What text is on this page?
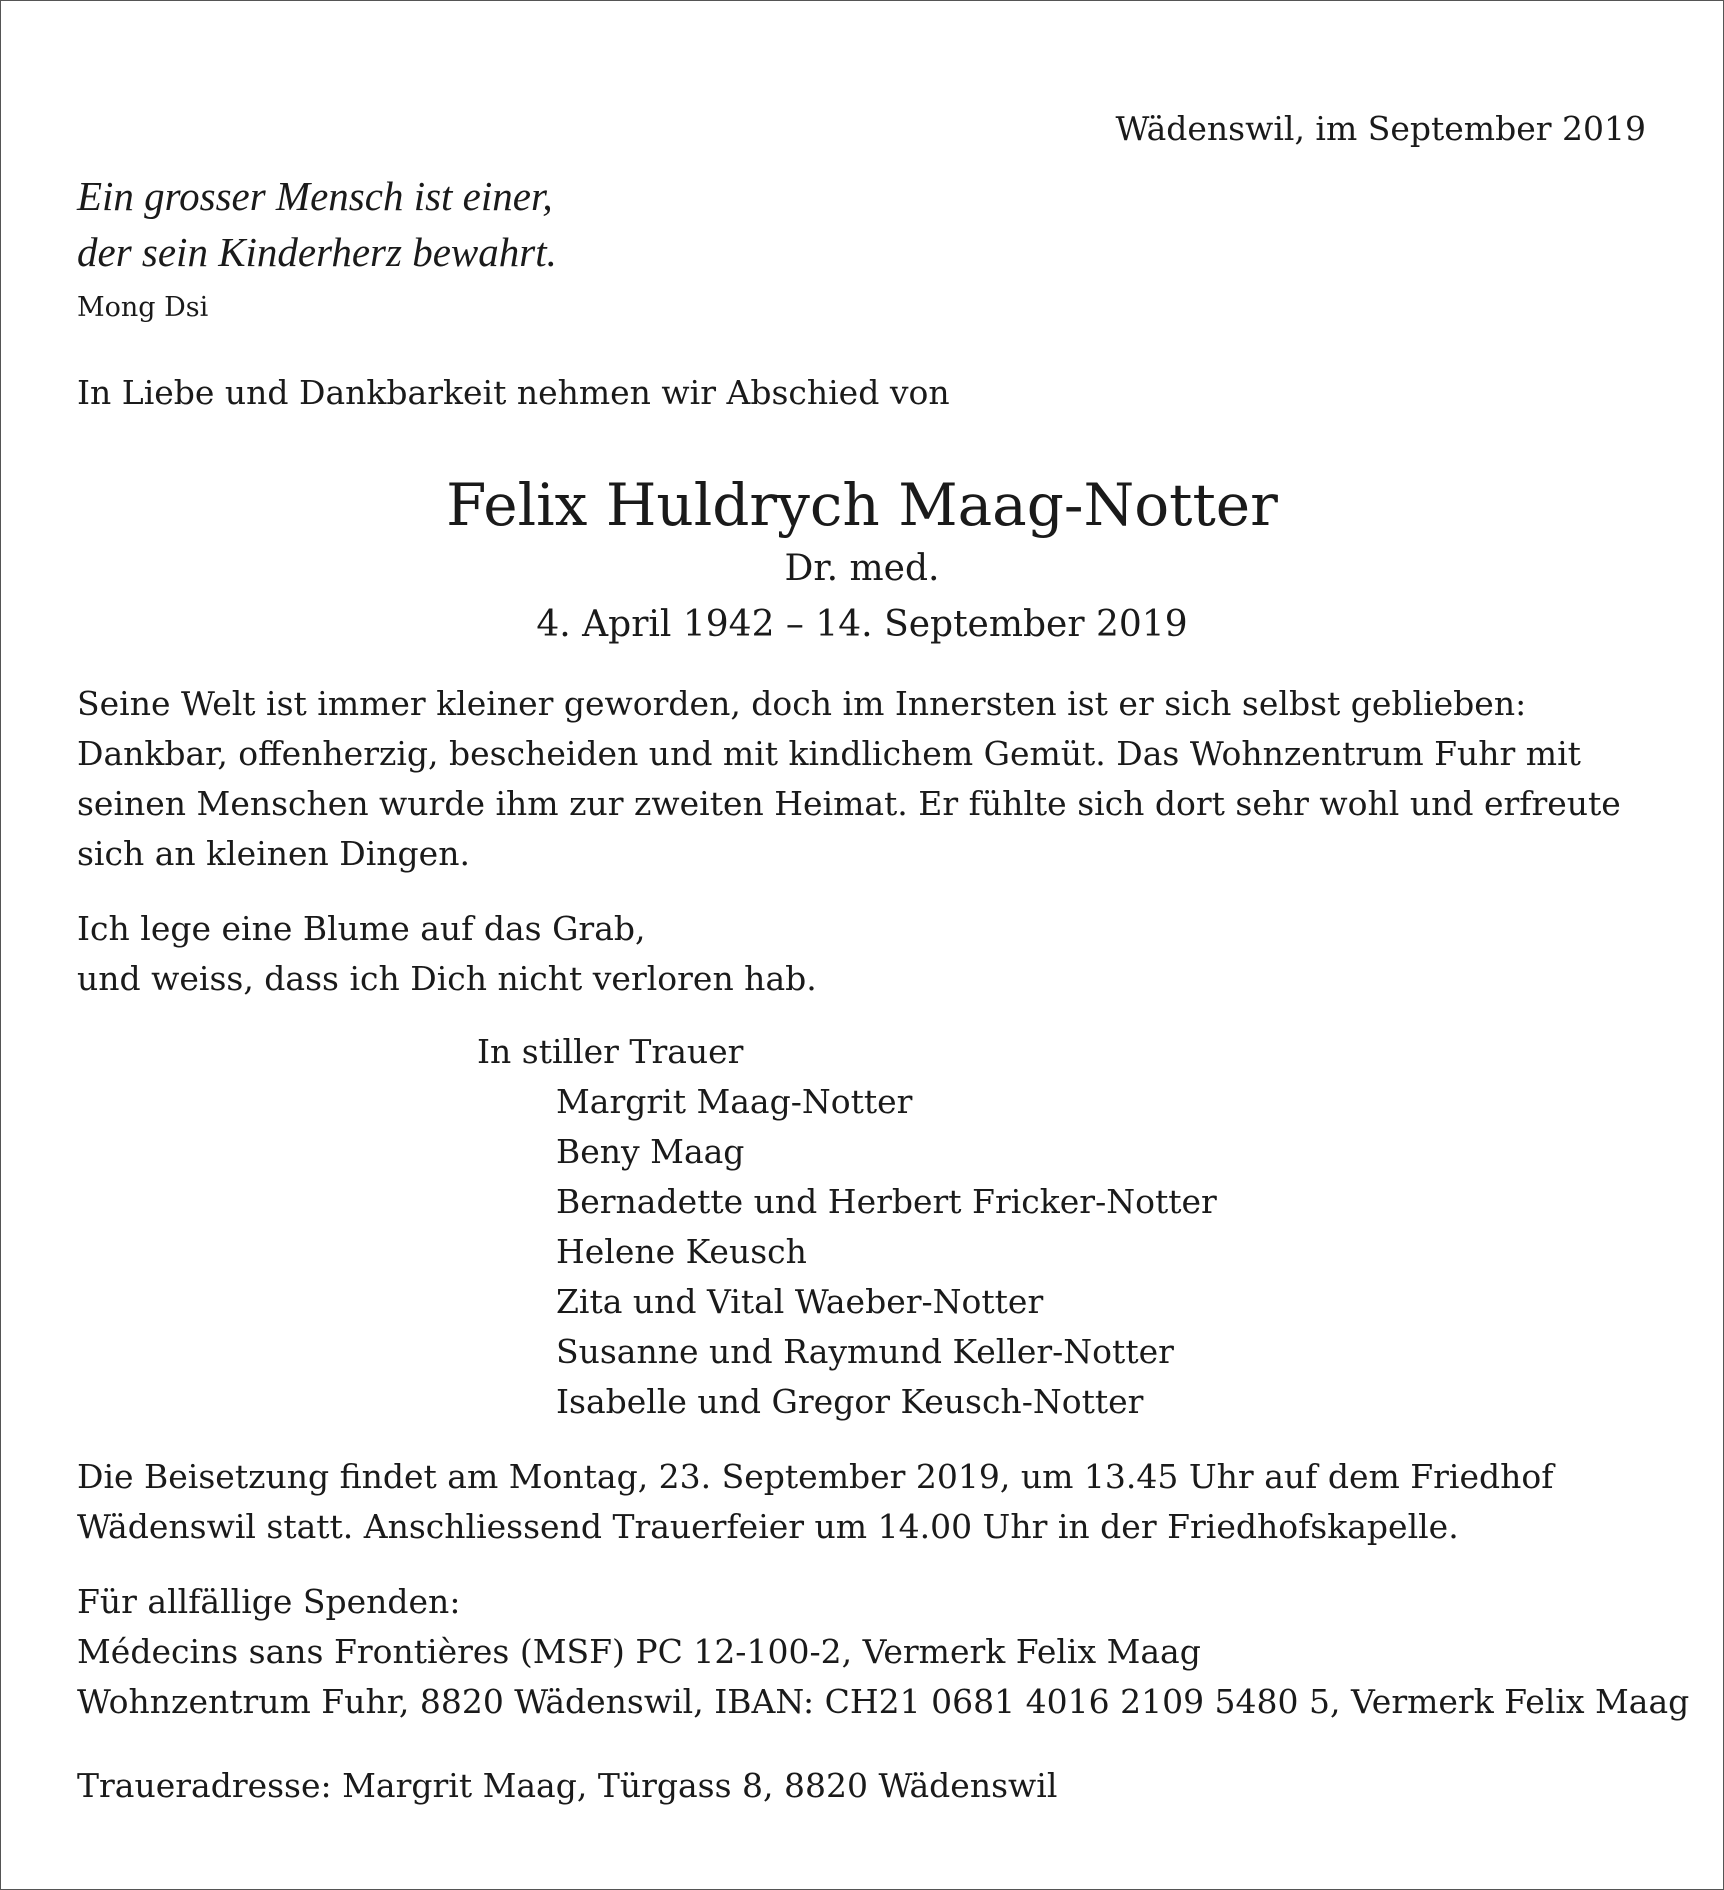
Wädenswil, im September 2019
Ein grosser Mensch ist einer,
der sein Kinderherz bewahrt.
Mong Dsi
In Liebe und Dankbarkeit nehmen wir Abschied von
Felix Huldrych Maag-Notter
Dr. med.
4. April 1942 – 14. September 2019
Seine Welt ist immer kleiner geworden, doch im Innersten ist er sich selbst geblieben:
Dankbar, offenherzig, bescheiden und mit kindlichem Gemüt. Das Wohnzentrum Fuhr mit
seinen Menschen wurde ihm zur zweiten Heimat. Er fühlte sich dort sehr wohl und erfreute
sich an kleinen Dingen.
Ich lege eine Blume auf das Grab,
und weiss, dass ich Dich nicht verloren hab.
In stiller Trauer
Margrit Maag-Notter
Beny Maag
Bernadette und Herbert Fricker-Notter
Helene Keusch
Zita und Vital Waeber-Notter
Susanne und Raymund Keller-Notter
Isabelle und Gregor Keusch-Notter
Die Beisetzung findet am Montag, 23. September 2019, um 13.45 Uhr auf dem Friedhof
Wädenswil statt. Anschliessend Trauerfeier um 14.00 Uhr in der Friedhofskapelle.
Für allfällige Spenden:
Médecins sans Frontières (MSF) PC 12-100-2, Vermerk Felix Maag
Wohnzentrum Fuhr, 8820 Wädenswil, IBAN: CH21 0681 4016 2109 5480 5, Vermerk Felix Maag
Traueradresse: Margrit Maag, Türgass 8, 8820 Wädenswil
